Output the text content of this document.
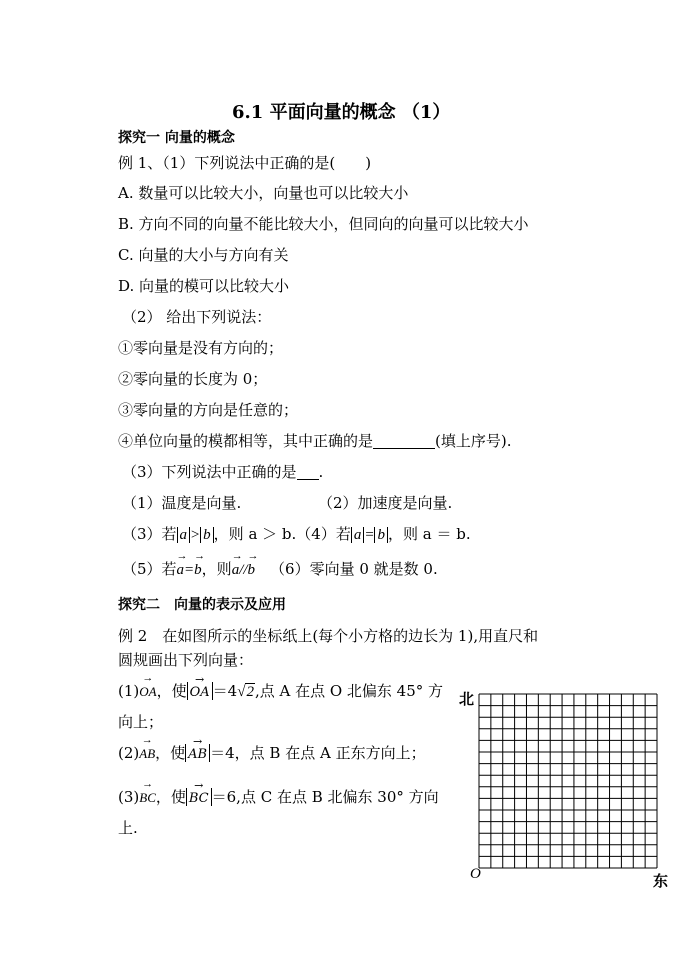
6.1 平面向量的概念 （1）
探究一 向量的概念
例 1、（1）下列说法中正确的是(　　)
A. 数量可以比较大小，向量也可以比较大小
B. 方向不同的向量不能比较大小，但同向的向量可以比较大小
C. 向量的大小与方向有关
D. 向量的模可以比较大小
（2） 给出下列说法：
①零向量是没有方向的；
②零向量的长度为 0；
③零向量的方向是任意的；
④单位向量的模都相等，其中正确的是	(填上序号).
（3）下列说法中正确的是 .
（1）温度是向量.	（2）加速度是向量.
（3）若 a > b ，则 a ＞ b.（4）若 a = b ，则 a ＝ b.
（5）若→ a=→ b，则→ a//→ b  （6）零向量 0 就是数 0.
探究二　向量的表示及应用
例 2　在如图所示的坐标纸上(每个小方格的边长为 1),用直尺和
圆规画出下列向量：
(1)→ OA，使 → OA ＝4√2,点 A 在点 O 北偏东 45° 方
向上；
(2)→ AB，使 → AB ＝4，点 B 在点 A 正东方向上；
(3)→ BC，使 → BC ＝6,点 C 在点 B 北偏东 30° 方向
上.
北
O	东
